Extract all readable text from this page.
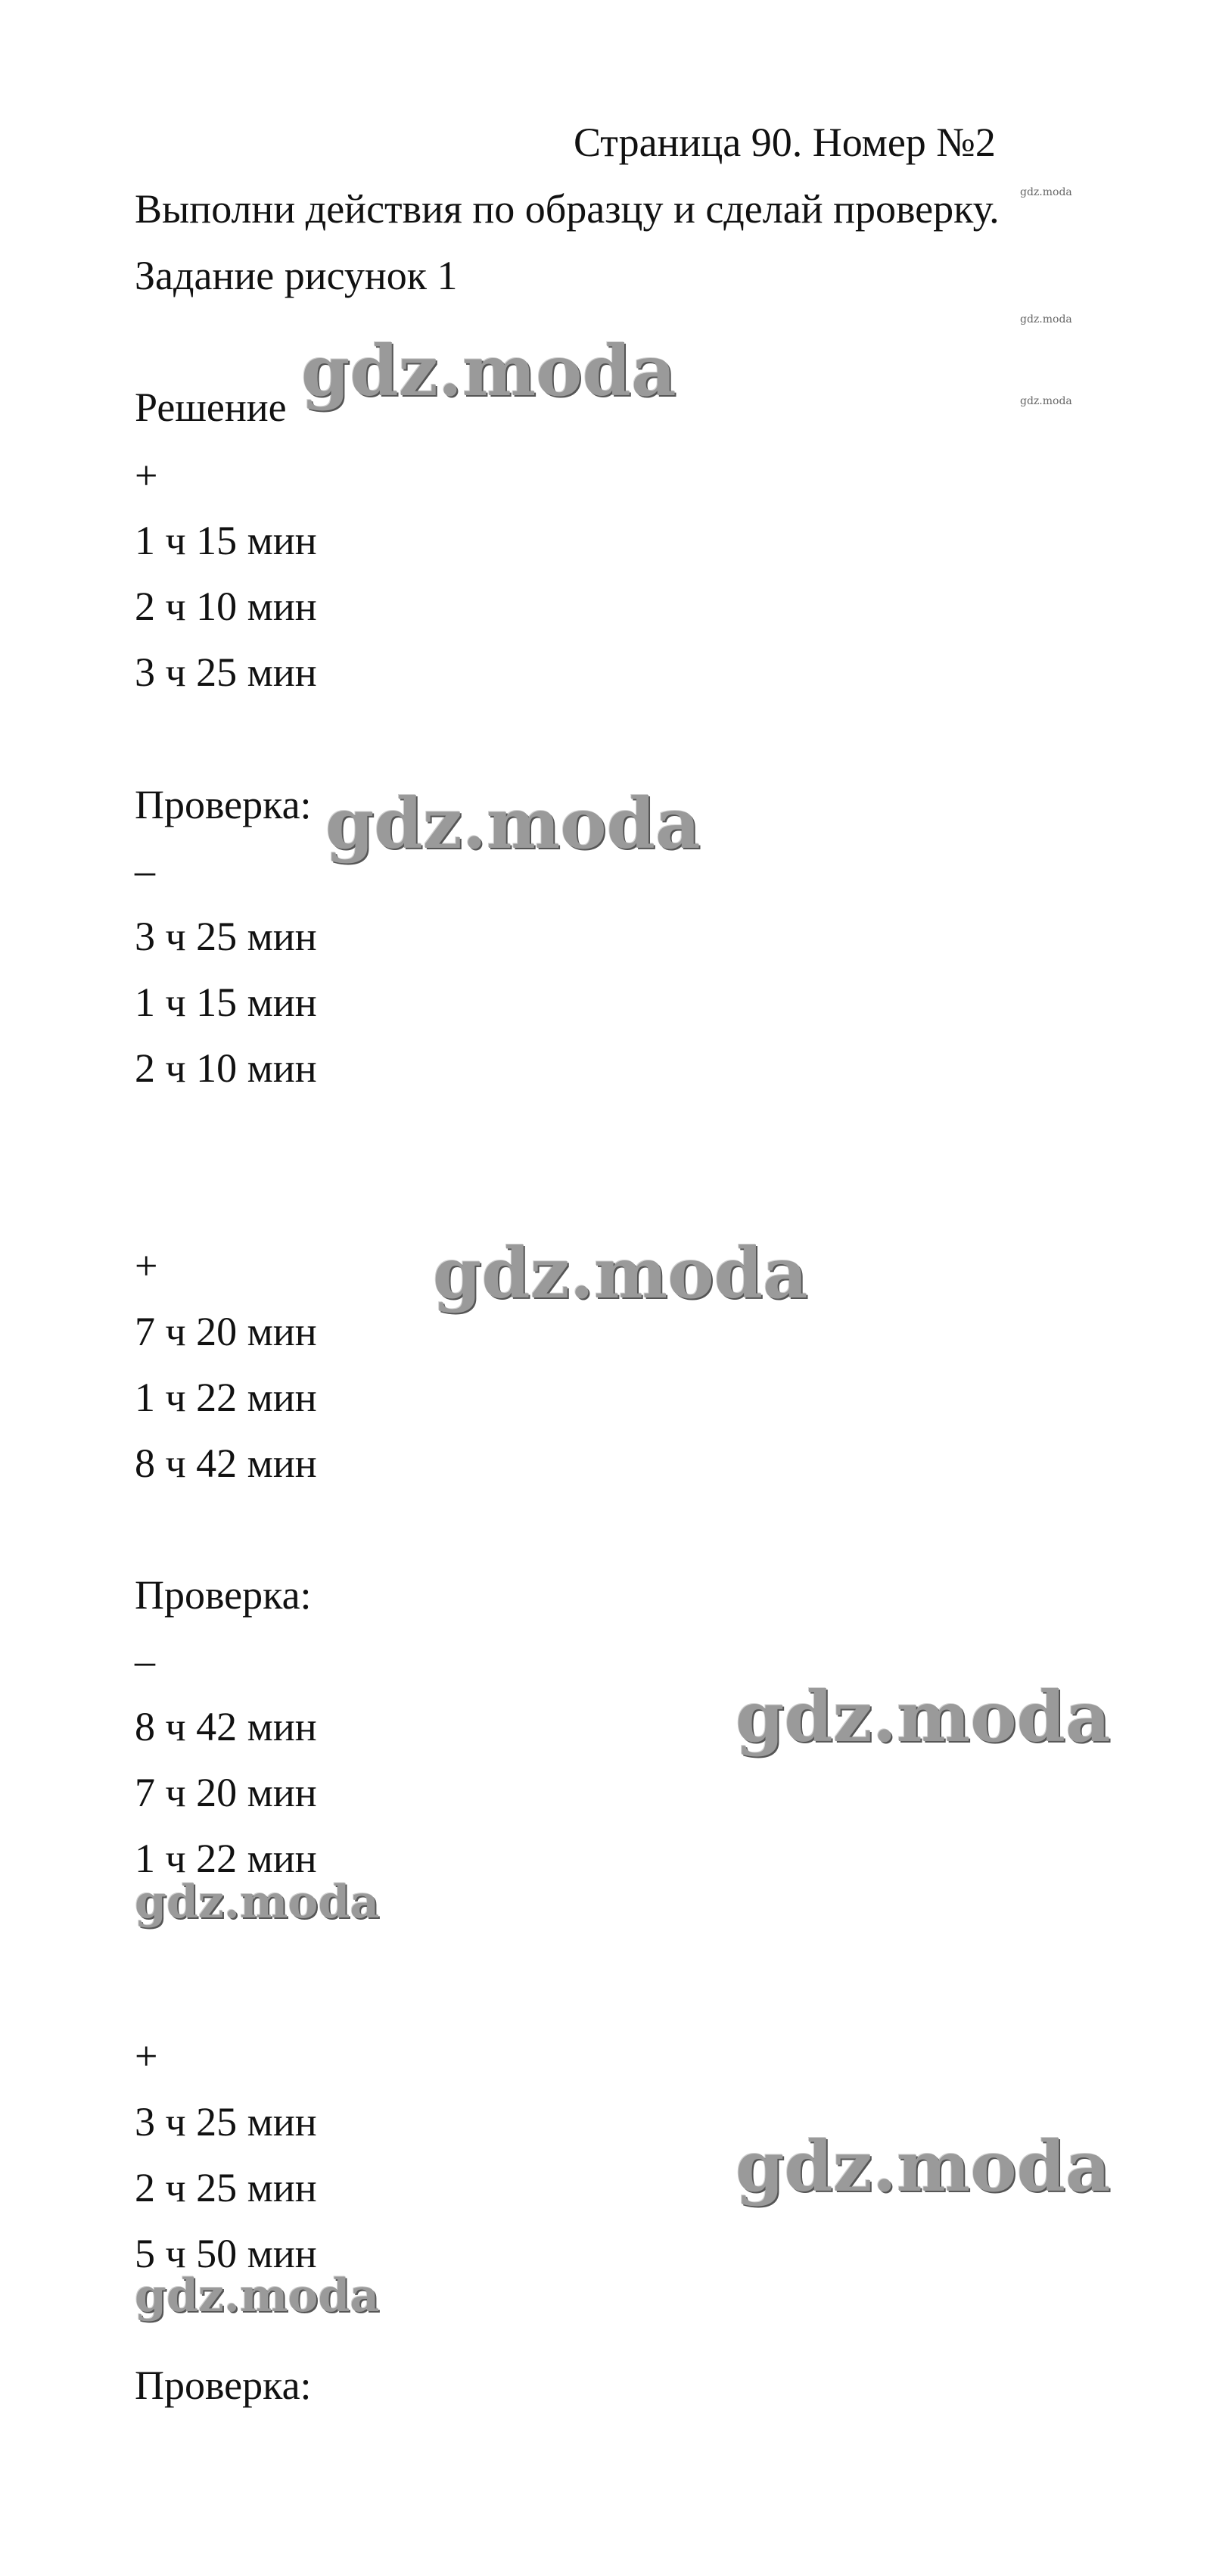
Страница 90. Номер №2
Выполни действия по образцу и сделай проверку.
Задание рисунок 1
Решение
+
1 ч 15 мин
2 ч 10 мин
3 ч 25 мин
Проверка:
–
3 ч 25 мин
1 ч 15 мин
2 ч 10 мин
+
7 ч 20 мин
1 ч 22 мин
8 ч 42 мин
Проверка:
–
8 ч 42 мин
7 ч 20 мин
1 ч 22 мин
+
3 ч 25 мин
2 ч 25 мин
5 ч 50 мин
Проверка:
gdz.moda
gdz.moda
gdz.moda
gdz.moda
gdz.moda
gdz.moda
gdz.moda
gdz.moda
gdz.moda
gdz.moda
